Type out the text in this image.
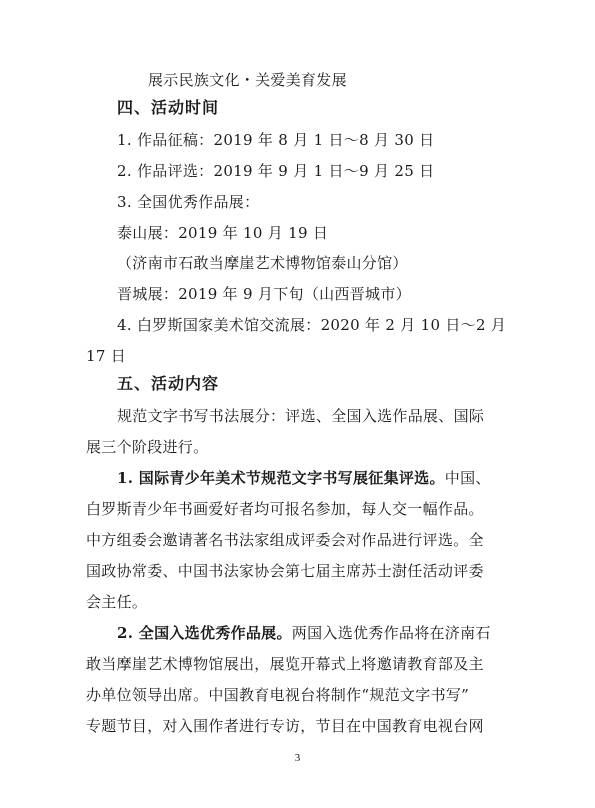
展示民族文化・关爱美育发展
四、活动时间
1. 作品征稿：2019 年 8 月 1 日～8 月 30 日
2. 作品评选：2019 年 9 月 1 日～9 月 25 日
3. 全国优秀作品展：
泰山展：2019 年 10 月 19 日
（济南市石敢当摩崖艺术博物馆泰山分馆）
晋城展：2019 年 9 月下旬（山西晋城市）
4. 白罗斯国家美术馆交流展：2020 年 2 月 10 日～2 月
17 日
五、活动内容
规范文字书写书法展分：评选、全国入选作品展、国际
展三个阶段进行。
1. 国际青少年美术节规范文字书写展征集评选。中国、
白罗斯青少年书画爱好者均可报名参加，每人交一幅作品。
中方组委会邀请著名书法家组成评委会对作品进行评选。全
国政协常委、中国书法家协会第七届主席苏士澍任活动评委
会主任。
2. 全国入选优秀作品展。两国入选优秀作品将在济南石
敢当摩崖艺术博物馆展出，展览开幕式上将邀请教育部及主
办单位领导出席。中国教育电视台将制作“规范文字书写”
专题节目，对入围作者进行专访，节目在中国教育电视台网
3
